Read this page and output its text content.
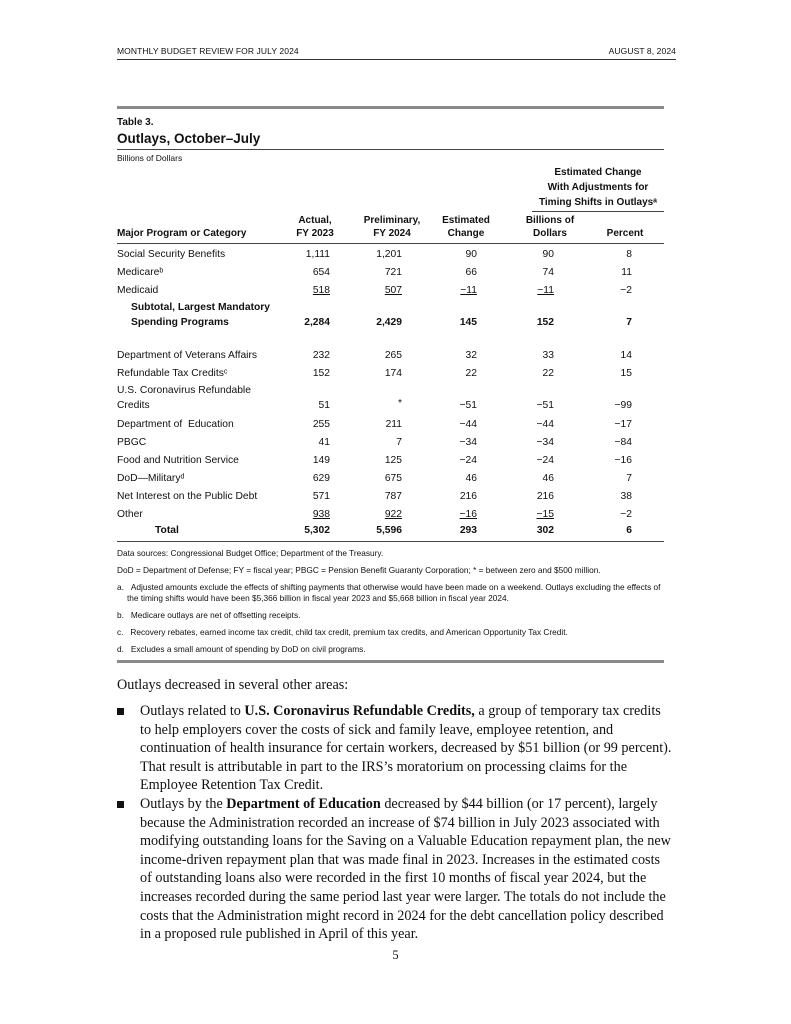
MONTHLY BUDGET REVIEW FOR JULY 2024	AUGUST 8, 2024
Table 3.
Outlays, October–July
Billions of Dollars
Estimated Change
With Adjustments for
Timing Shifts in Outlaysᵃ
Major Program or Category
Actual,
FY 2023
Preliminary,
FY 2024
Estimated
Change
Billions of
Dollars	Percent
Social Security Benefits	1,111	1,201	90	90	8
Medicareᵇ	654	721	66	74	11
Medicaid	518	507	−11	−11	−2
Subtotal, Largest Mandatory
Spending Programs	2,284	2,429	145	152	7
Department of Veterans Affairs	232	265	32	33	14
Refundable Tax Creditsᶜ	152	174	22	22	15
U.S. Coronavirus Refundable
Credits	51	*	−51	−51	−99
Department of  Education	255	211	−44	−44	−17
PBGC	41	7	−34	−34	−84
Food and Nutrition Service	149	125	−24	−24	−16
DoD—Militaryᵈ	629	675	46	46	7
Net Interest on the Public Debt	571	787	216	216	38
Other	938	922	−16	−15	−2
Total	5,302	5,596	293	302	6
Data sources: Congressional Budget Office; Department of the Treasury.
DoD = Department of Defense; FY = fiscal year; PBGC = Pension Benefit Guaranty Corporation; * = between zero and $500 million.
a. Adjusted amounts exclude the effects of shifting payments that otherwise would have been made on a weekend. Outlays excluding the effects of the timing shifts would have been $5,366 billion in fiscal year 2023 and $5,668 billion in fiscal year 2024.
b. Medicare outlays are net of offsetting receipts.
c. Recovery rebates, earned income tax credit, child tax credit, premium tax credits, and American Opportunity Tax Credit.
d. Excludes a small amount of spending by DoD on civil programs.
Outlays decreased in several other areas:
Outlays related to U.S. Coronavirus Refundable Credits, a group of temporary tax credits to help employers cover the costs of sick and family leave, employee retention, and continuation of health insurance for certain workers, decreased by $51 billion (or 99 percent). That result is attributable in part to the IRS’s moratorium on processing claims for the Employee Retention Tax Credit.
Outlays by the Department of Education decreased by $44 billion (or 17 percent), largely because the Administration recorded an increase of $74 billion in July 2023 associated with modifying outstanding loans for the Saving on a Valuable Education repayment plan, the new income-driven repayment plan that was made final in 2023. Increases in the estimated costs of outstanding loans also were recorded in the first 10 months of fiscal year 2024, but the increases recorded during the same period last year were larger. The totals do not include the costs that the Administration might record in 2024 for the debt cancellation policy described in a proposed rule published in April of this year.
5
